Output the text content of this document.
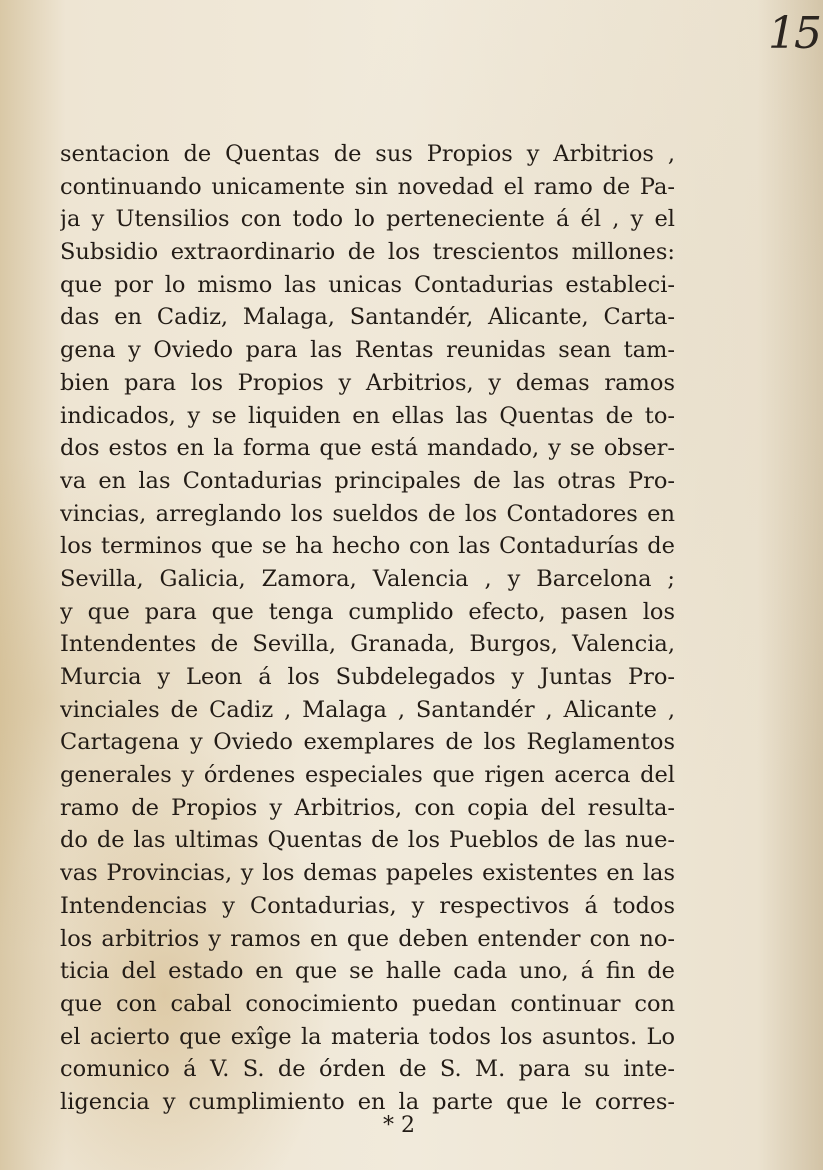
15
sentacion de Quentas de sus Propios y Arbitrios ,
continuando unicamente sin novedad el ramo de Pa-
ja y Utensilios con todo lo perteneciente á él , y el
Subsidio extraordinario de los trescientos millones:
que por lo mismo las unicas Contadurias estableci-
das en Cadiz, Malaga, Santandér, Alicante, Carta-
gena y Oviedo para las Rentas reunidas sean tam-
bien para los Propios y Arbitrios, y demas ramos
indicados, y se liquiden en ellas las Quentas de to-
dos estos en la forma que está mandado, y se obser-
va en las Contadurias principales de las otras Pro-
vincias, arreglando los sueldos de los Contadores en
los terminos que se ha hecho con las Contadurías de
Sevilla, Galicia, Zamora, Valencia , y Barcelona ;
y que para que tenga cumplido efecto, pasen los
Intendentes de Sevilla, Granada, Burgos, Valencia,
Murcia y Leon á los Subdelegados y Juntas Pro-
vinciales de Cadiz , Malaga , Santandér , Alicante ,
Cartagena y Oviedo exemplares de los Reglamentos
generales y órdenes especiales que rigen acerca del
ramo de Propios y Arbitrios, con copia del resulta-
do de las ultimas Quentas de los Pueblos de las nue-
vas Provincias, y los demas papeles existentes en las
Intendencias y Contadurias, y respectivos á todos
los arbitrios y ramos en que deben entender con no-
ticia del estado en que se halle cada uno, á fin de
que con cabal conocimiento puedan continuar con
el acierto que exîge la materia todos los asuntos. Lo
comunico á V. S. de órden de S. M. para su inte-
ligencia y cumplimiento en la parte que le corres-
* 2
